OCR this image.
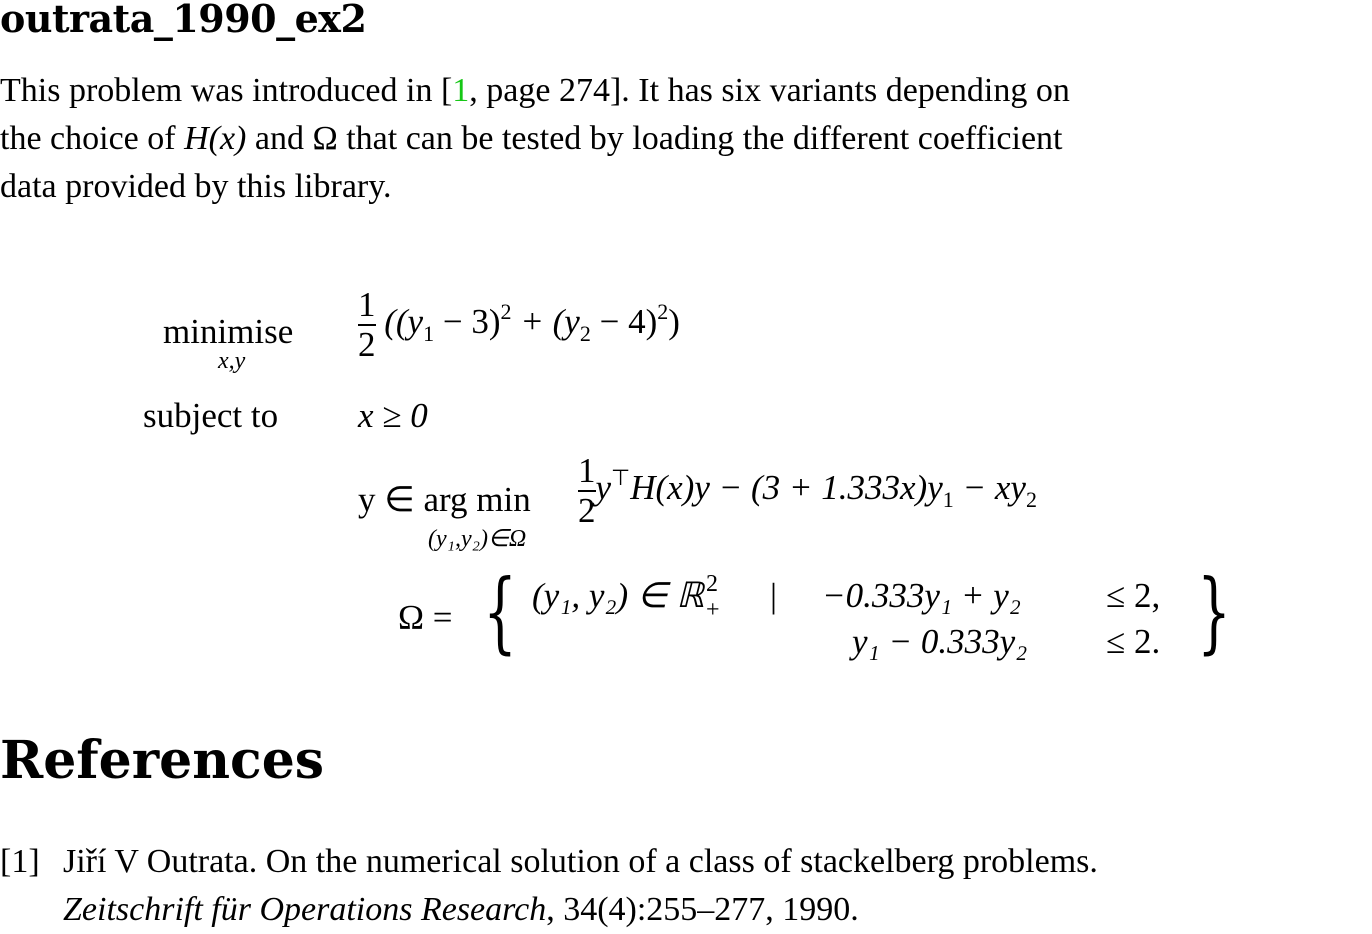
outrata_1990_ex2
This problem was introduced in [1, page 274]. It has six variants depending on
the choice of H(x) and Ω that can be tested by loading the different coefficient
data provided by this library.
minimise
x,y	$\frac{1}{2} ((y_1 - 3)^2 + (y_2 - 4)^2)$
subject to x ≥ 0
y ∈ arg min
(y₁,y₂)∈Ω
$\frac{1}{2} y^⊤H(x)y - (3 + 1.333x)y_1 - xy_2$
Ω = { (y₁, y₂) ∈ ℝ 2
+ | −0.333y₁ + y₂ ≤ 2,
y₁ − 0.333y₂ ≤ 2. }
References
[1] Jiří V Outrata. On the numerical solution of a class of stackelberg problems.
Zeitschrift für Operations Research, 34(4):255–277, 1990.
